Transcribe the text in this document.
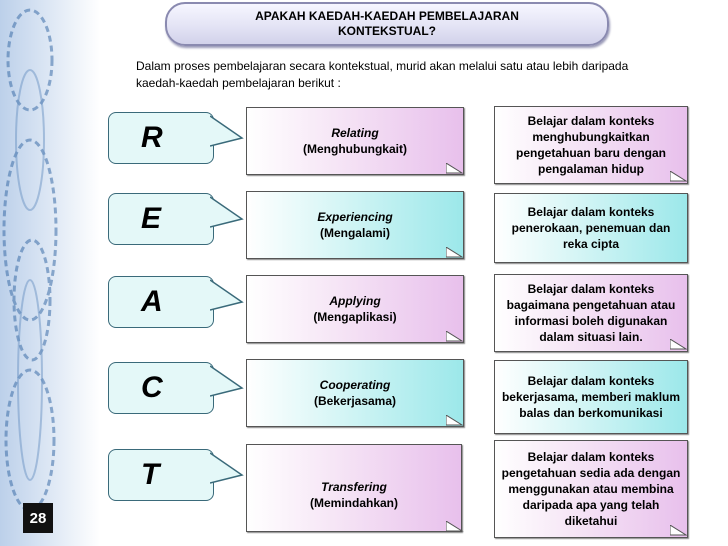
APAKAH KAEDAH-KAEDAH PEMBELAJARAN
KONTEKSTUAL?
Dalam proses pembelajaran secara kontekstual, murid akan melalui satu atau lebih daripada kaedah-kaedah pembelajaran berikut :
R	Relating
(Menghubungkait)
Belajar dalam konteks menghubungkaitkan pengetahuan baru dengan pengalaman hidup
E	Experiencing
(Mengalami)
Belajar dalam konteks penerokaan, penemuan dan reka cipta
A	Applying
(Mengaplikasi)
Belajar dalam konteks bagaimana pengetahuan atau informasi boleh digunakan dalam situasi lain.
C	Cooperating
(Bekerjasama)
Belajar dalam konteks bekerjasama, memberi maklum balas dan berkomunikasi
T	Transfering
(Memindahkan)
Belajar dalam konteks pengetahuan sedia ada dengan menggunakan atau membina daripada apa yang telah diketahui
28
